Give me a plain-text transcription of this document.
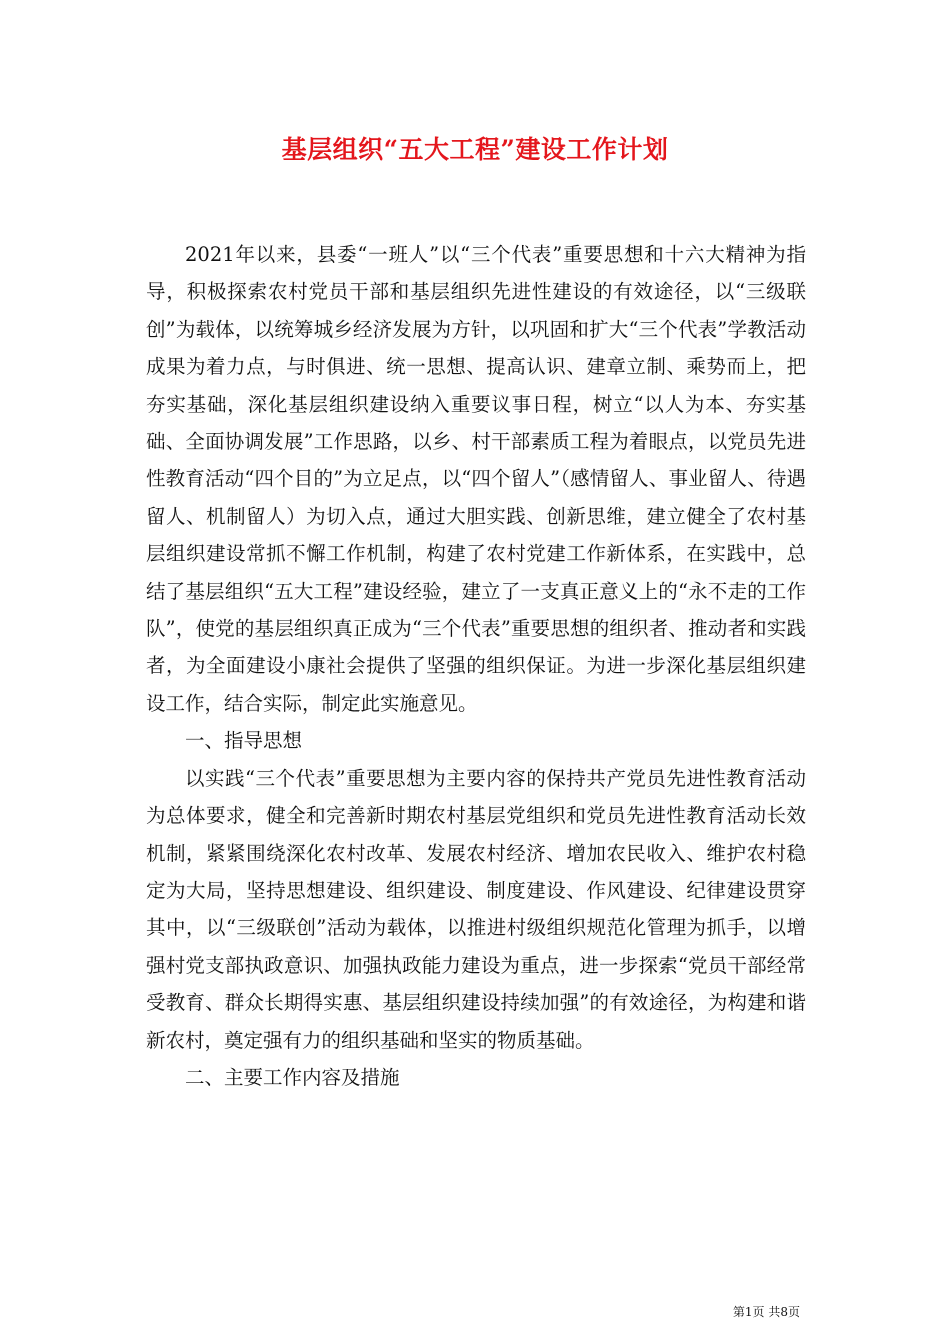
基层组织“五大工程”建设工作计划

2021年以来，县委“一班人”以“三个代表”重要思想和十六大精神为指导，积极探索农村党员干部和基层组织先进性建设的有效途径，以“三级联创”为载体，以统筹城乡经济发展为方针，以巩固和扩大“三个代表”学教活动成果为着力点，与时俱进、统一思想、提高认识、建章立制、乘势而上，把夯实基础，深化基层组织建设纳入重要议事日程，树立“以人为本、夯实基础、全面协调发展”工作思路，以乡、村干部素质工程为着眼点，以党员先进性教育活动“四个目的”为立足点，以“四个留人”（感情留人、事业留人、待遇留人、机制留人）为切入点，通过大胆实践、创新思维，建立健全了农村基层组织建设常抓不懈工作机制，构建了农村党建工作新体系，在实践中，总结了基层组织“五大工程”建设经验，建立了一支真正意义上的“永不走的工作队”，使党的基层组织真正成为“三个代表”重要思想的组织者、推动者和实践者，为全面建设小康社会提供了坚强的组织保证。为进一步深化基层组织建设工作，结合实际，制定此实施意见。

一、指导思想

以实践“三个代表”重要思想为主要内容的保持共产党员先进性教育活动为总体要求，健全和完善新时期农村基层党组织和党员先进性教育活动长效机制，紧紧围绕深化农村改革、发展农村经济、增加农民收入、维护农村稳定为大局，坚持思想建设、组织建设、制度建设、作风建设、纪律建设贯穿其中，以“三级联创”活动为载体，以推进村级组织规范化管理为抓手，以增强村党支部执政意识、加强执政能力建设为重点，进一步探索“党员干部经常受教育、群众长期得实惠、基层组织建设持续加强”的有效途径，为构建和谐新农村，奠定强有力的组织基础和坚实的物质基础。

二、主要工作内容及措施

第1页 共8页
